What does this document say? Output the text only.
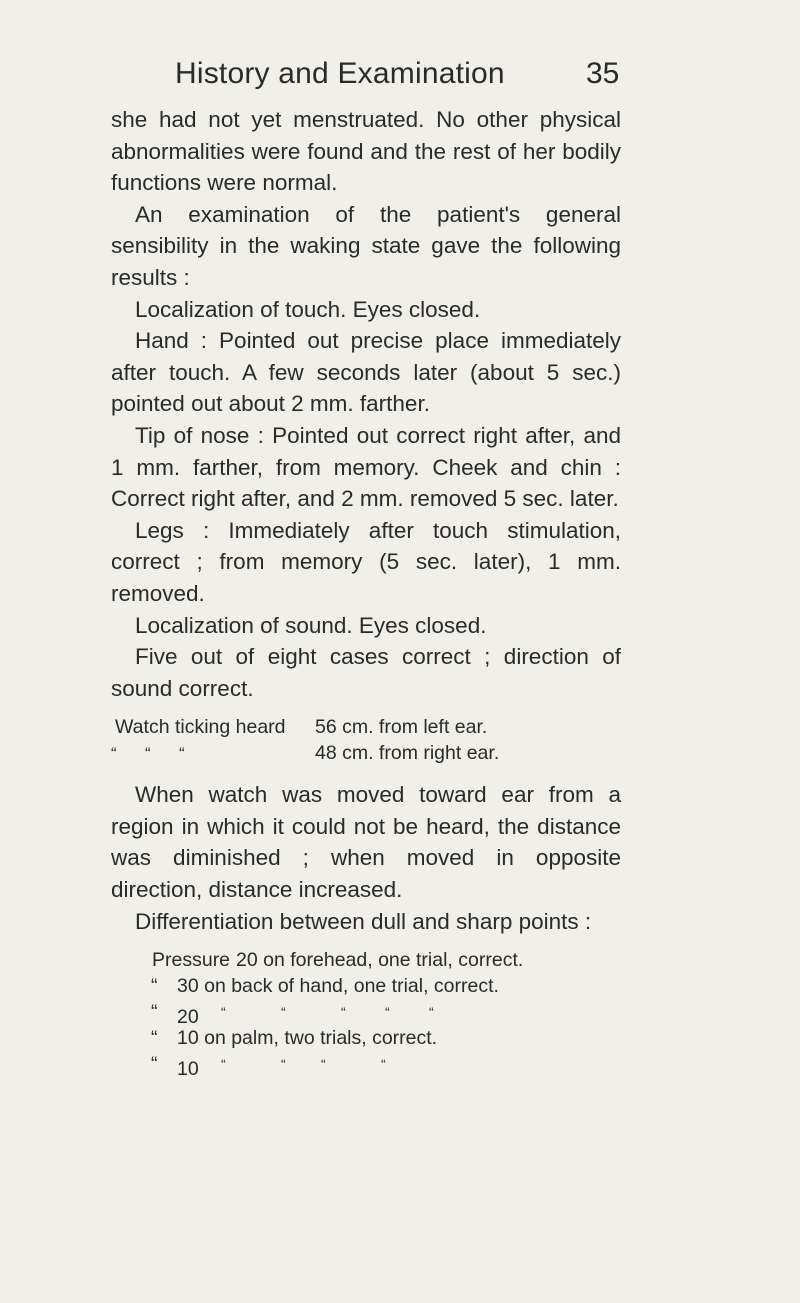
History and Examination	35

she had not yet menstruated. No other physical abnormalities were found and the rest of her bodily functions were normal.

An examination of the patient's general sensibility in the waking state gave the following results :

Localization of touch. Eyes closed.

Hand : Pointed out precise place immediately after touch. A few seconds later (about 5 sec.) pointed out about 2 mm. farther.

Tip of nose : Pointed out correct right after, and 1 mm. farther, from memory. Cheek and chin : Correct right after, and 2 mm. removed 5 sec. later.

Legs : Immediately after touch stimulation, correct ; from memory (5 sec. later), 1 mm. removed.

Localization of sound. Eyes closed.

Five out of eight cases correct ; direction of sound correct.

Watch ticking heard	56 cm. from left ear.
“      “      “	48 cm. from right ear.

When watch was moved toward ear from a region in which it could not be heard, the distance was diminished ; when moved in opposite direction, distance increased.

Differentiation between dull and sharp points :

Pressure 20 on forehead, one trial, correct.
“	30 on back of hand, one trial, correct.
“	20	“	“	“	“	“
“	10 on palm, two trials, correct.
“	10	“	“	“	“
